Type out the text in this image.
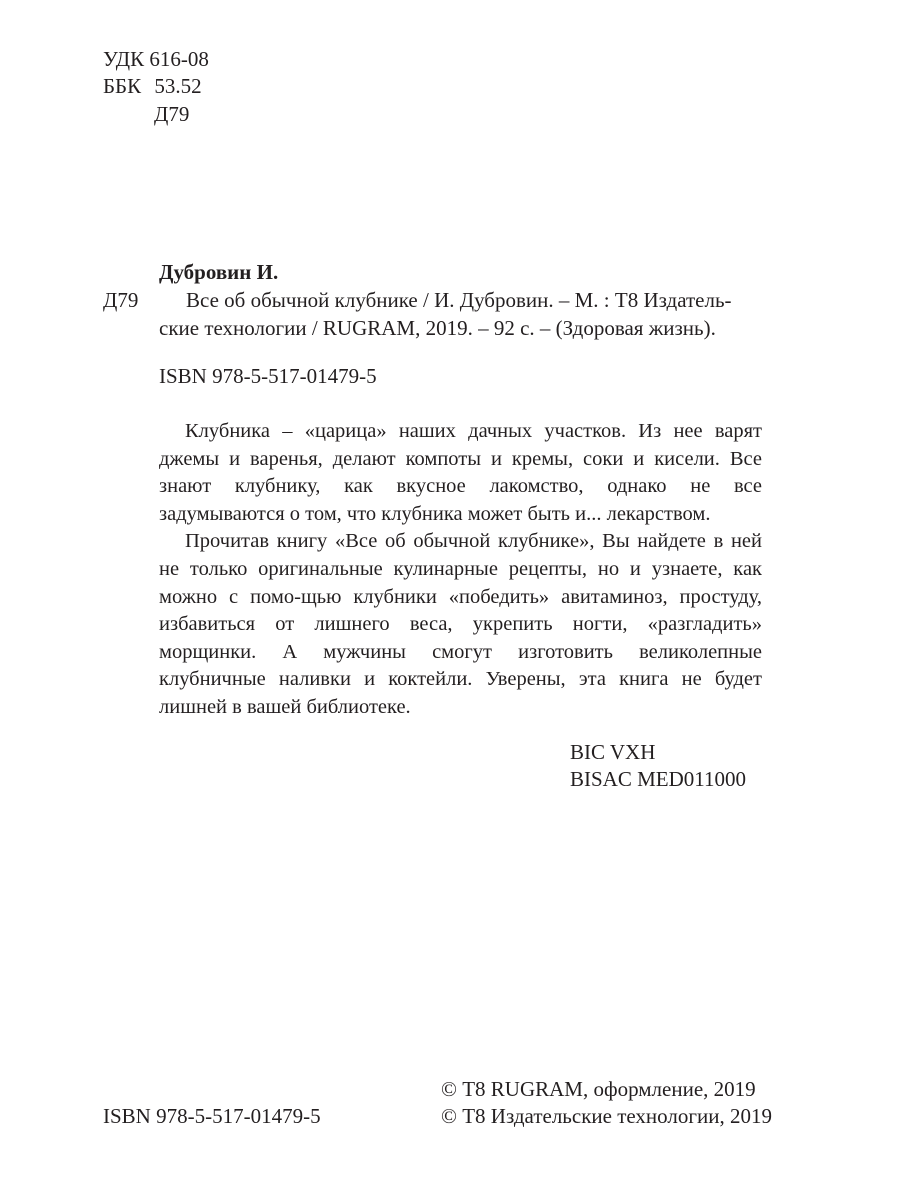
УДК 616-08
ББК 53.52
Д79
Дубровин И.
Д79 Все об обычной клубнике / И. Дубровин. – М. : Т8 Издатель-
ские технологии / RUGRAM, 2019. – 92 с. – (Здоровая жизнь).
ISBN 978-5-517-01479-5

Клубника – «царица» наших дачных участков. Из нее варят джемы и варенья, делают компоты и кремы, соки и кисели. Все знают клубнику, как вкусное лакомство, однако не все задумываются о том, что клубника может быть и... лекарством.

Прочитав книгу «Все об обычной клубнике», Вы найдете в ней не только оригинальные кулинарные рецепты, но и узнаете, как можно с помо-щью клубники «победить» авитаминоз, простуду, избавиться от лишнего веса, укрепить ногти, «разгладить» морщинки. А мужчины смогут изготовить великолепные клубничные наливки и коктейли. Уверены, эта книга не будет лишней в вашей библиотеке.

BIC VXH
BISAC MED011000
ISBN 978-5-517-01479-5
© Т8 RUGRAM, оформление, 2019
© Т8 Издательские технологии, 2019
